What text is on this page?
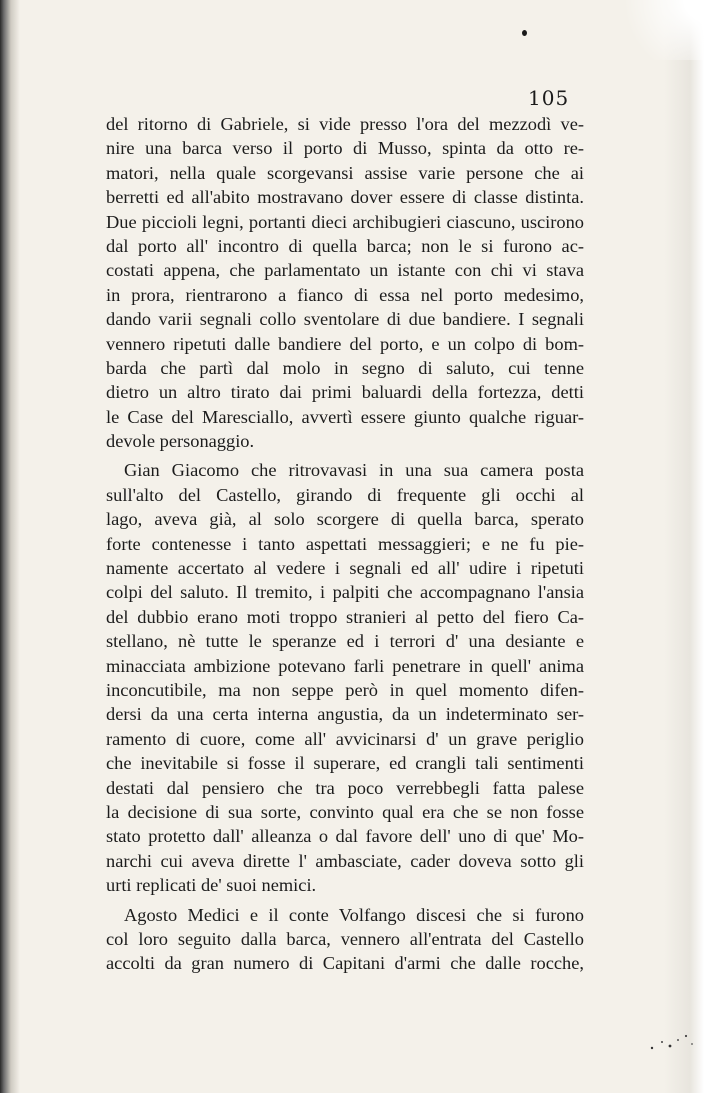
105
del ritorno di Gabriele, si vide presso l'ora del mezzodì ve-
nire una barca verso il porto di Musso, spinta da otto re-
matori, nella quale scorgevansi assise varie persone che ai
berretti ed all'abito mostravano dover essere di classe distinta.
Due piccioli legni, portanti dieci archibugieri ciascuno, uscirono
dal porto all' incontro di quella barca; non le si furono ac-
costati appena, che parlamentato un istante con chi vi stava
in prora, rientrarono a fianco di essa nel porto medesimo,
dando varii segnali collo sventolare di due bandiere. I segnali
vennero ripetuti dalle bandiere del porto, e un colpo di bom-
barda che partì dal molo in segno di saluto, cui tenne
dietro un altro tirato dai primi baluardi della fortezza, detti
le Case del Maresciallo, avvertì essere giunto qualche riguar-
devole personaggio.
Gian Giacomo che ritrovavasi in una sua camera posta
sull'alto del Castello, girando di frequente gli occhi al
lago, aveva già, al solo scorgere di quella barca, sperato
forte contenesse i tanto aspettati messaggieri; e ne fu pie-
namente accertato al vedere i segnali ed all' udire i ripetuti
colpi del saluto. Il tremito, i palpiti che accompagnano l'ansia
del dubbio erano moti troppo stranieri al petto del fiero Ca-
stellano, nè tutte le speranze ed i terrori d' una desiante e
minacciata ambizione potevano farli penetrare in quell' anima
inconcutibile, ma non seppe però in quel momento difen-
dersi da una certa interna angustia, da un indeterminato ser-
ramento di cuore, come all' avvicinarsi d' un grave periglio
che inevitabile si fosse il superare, ed crangli tali sentimenti
destati dal pensiero che tra poco verrebbegli fatta palese
la decisione di sua sorte, convinto qual era che se non fosse
stato protetto dall' alleanza o dal favore dell' uno di que' Mo-
narchi cui aveva dirette l' ambasciate, cader doveva sotto gli
urti replicati de' suoi nemici.
Agosto Medici e il conte Volfango discesi che si furono
col loro seguito dalla barca, vennero all'entrata del Castello
accolti da gran numero di Capitani d'armi che dalle rocche,
